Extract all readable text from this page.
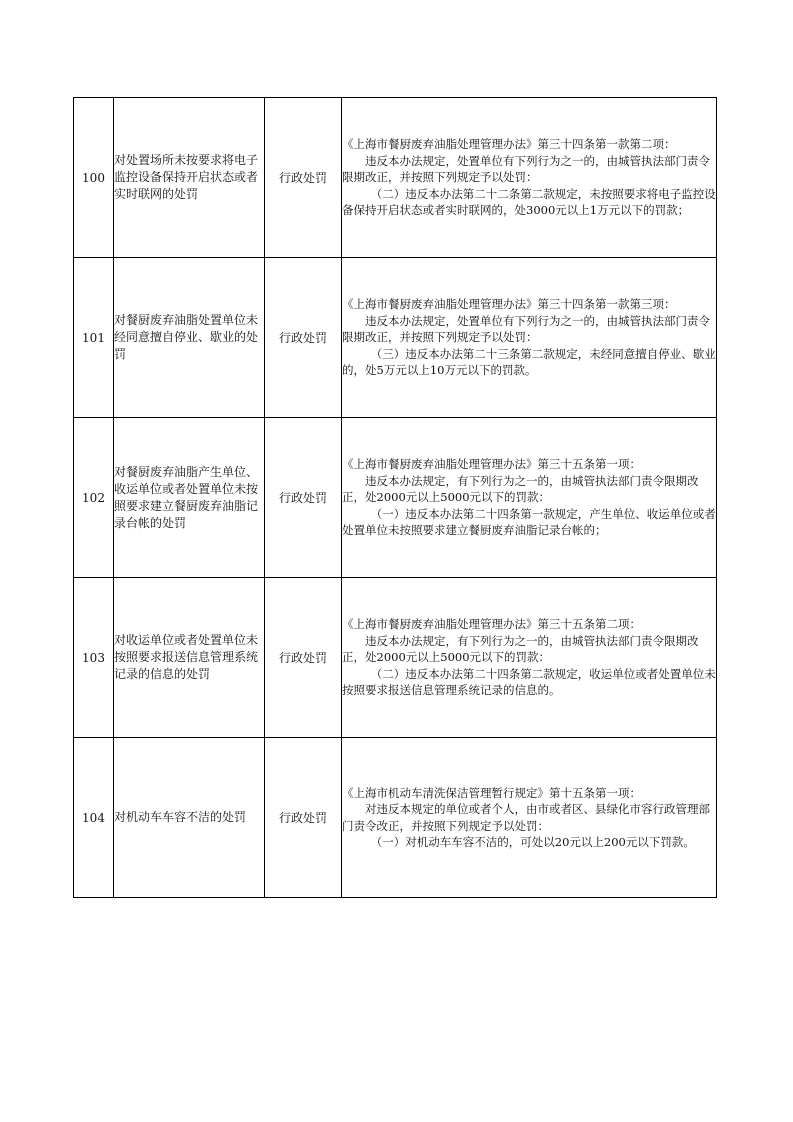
100	对处置场所未按要求将电子监控设备保持开启状态或者实时联网的处罚	行政处罚	《上海市餐厨废弃油脂处理管理办法》第三十四条第一款第二项：

违反本办法规定，处置单位有下列行为之一的，由城管执法部门责令限期改正，并按照下列规定予以处罚：

（二）违反本办法第二十二条第二款规定，未按照要求将电子监控设备保持开启状态或者实时联网的，处3000元以上1万元以下的罚款；

101	对餐厨废弃油脂处置单位未经同意擅自停业、歇业的处罚	行政处罚	《上海市餐厨废弃油脂处理管理办法》第三十四条第一款第三项：

违反本办法规定，处置单位有下列行为之一的，由城管执法部门责令限期改正，并按照下列规定予以处罚：

（三）违反本办法第二十三条第二款规定，未经同意擅自停业、歇业的，处5万元以上10万元以下的罚款。

102	对餐厨废弃油脂产生单位、收运单位或者处置单位未按照要求建立餐厨废弃油脂记录台帐的处罚	行政处罚	《上海市餐厨废弃油脂处理管理办法》第三十五条第一项：

违反本办法规定，有下列行为之一的，由城管执法部门责令限期改正，处2000元以上5000元以下的罚款：

（一）违反本办法第二十四条第一款规定，产生单位、收运单位或者处置单位未按照要求建立餐厨废弃油脂记录台帐的；

103	对收运单位或者处置单位未按照要求报送信息管理系统记录的信息的处罚	行政处罚	《上海市餐厨废弃油脂处理管理办法》第三十五条第二项：

违反本办法规定，有下列行为之一的，由城管执法部门责令限期改正，处2000元以上5000元以下的罚款：

（二）违反本办法第二十四条第二款规定，收运单位或者处置单位未按照要求报送信息管理系统记录的信息的。

104	对机动车车容不洁的处罚	行政处罚	《上海市机动车清洗保洁管理暂行规定》第十五条第一项：

对违反本规定的单位或者个人，由市或者区、县绿化市容行政管理部门责令改正，并按照下列规定予以处罚：

（一）对机动车车容不洁的，可处以20元以上200元以下罚款。
